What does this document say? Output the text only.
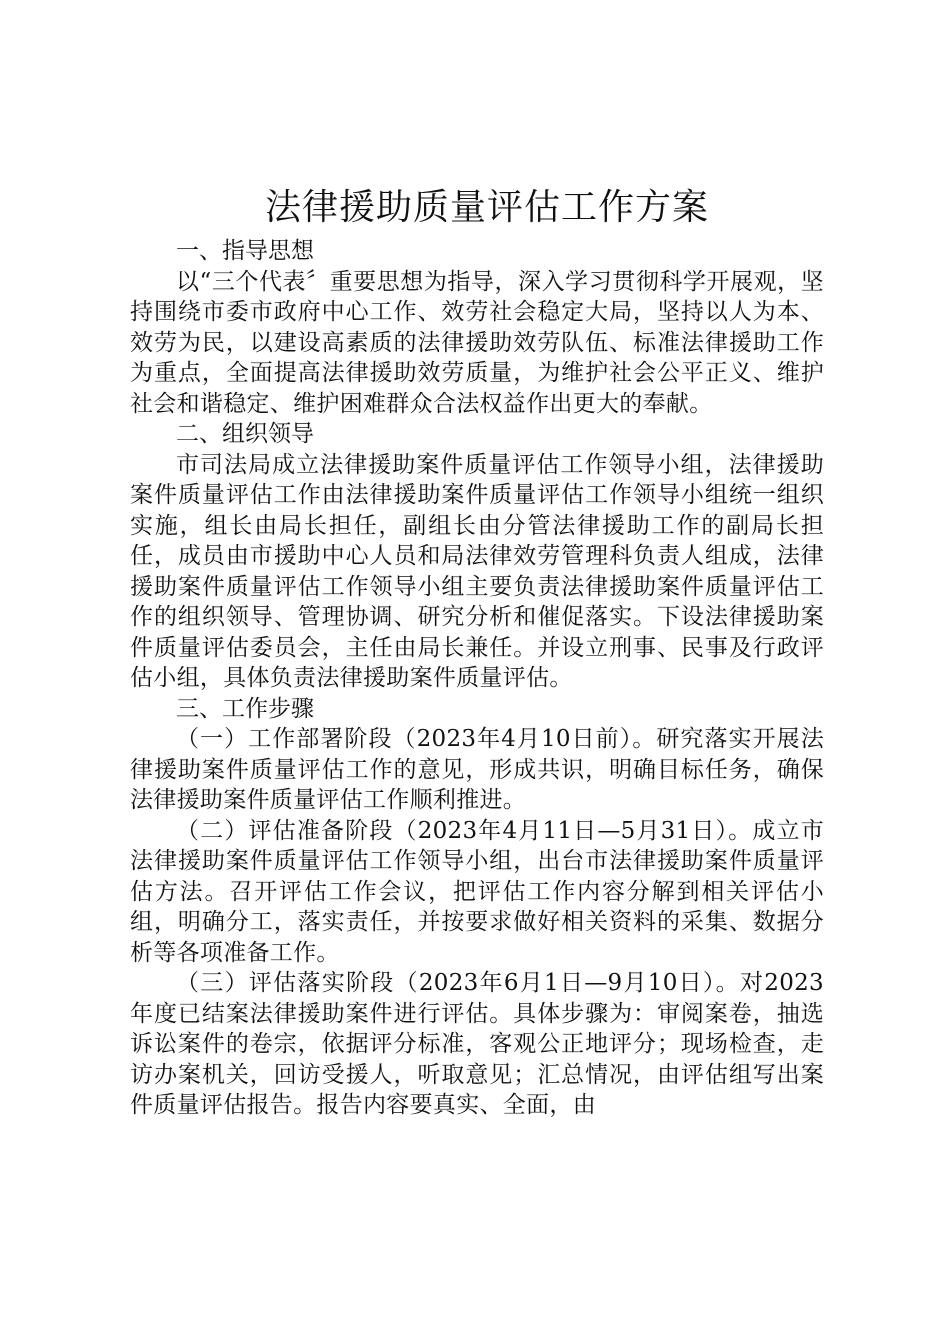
法律援助质量评估工作方案

一、指导思想

以“三个代表〞重要思想为指导，深入学习贯彻科学开展观，坚持围绕市委市政府中心工作、效劳社会稳定大局，坚持以人为本、效劳为民，以建设高素质的法律援助效劳队伍、标准法律援助工作为重点，全面提高法律援助效劳质量，为维护社会公平正义、维护社会和谐稳定、维护困难群众合法权益作出更大的奉献。

二、组织领导

市司法局成立法律援助案件质量评估工作领导小组，法律援助案件质量评估工作由法律援助案件质量评估工作领导小组统一组织实施，组长由局长担任，副组长由分管法律援助工作的副局长担任，成员由市援助中心人员和局法律效劳管理科负责人组成，法律援助案件质量评估工作领导小组主要负责法律援助案件质量评估工作的组织领导、管理协调、研究分析和催促落实。下设法律援助案件质量评估委员会，主任由局长兼任。并设立刑事、民事及行政评估小组，具体负责法律援助案件质量评估。

三、工作步骤

（一）工作部署阶段（2023年4月10日前）。研究落实开展法律援助案件质量评估工作的意见，形成共识，明确目标任务，确保法律援助案件质量评估工作顺利推进。

（二）评估准备阶段（2023年4月11日—5月31日）。成立市法律援助案件质量评估工作领导小组，出台市法律援助案件质量评估方法。召开评估工作会议，把评估工作内容分解到相关评估小组，明确分工，落实责任，并按要求做好相关资料的采集、数据分析等各项准备工作。

（三）评估落实阶段（2023年6月1日—9月10日）。对2023年度已结案法律援助案件进行评估。具体步骤为：审阅案卷，抽选诉讼案件的卷宗，依据评分标准，客观公正地评分；现场检查，走访办案机关，回访受援人，听取意见；汇总情况，由评估组写出案件质量评估报告。报告内容要真实、全面，由
